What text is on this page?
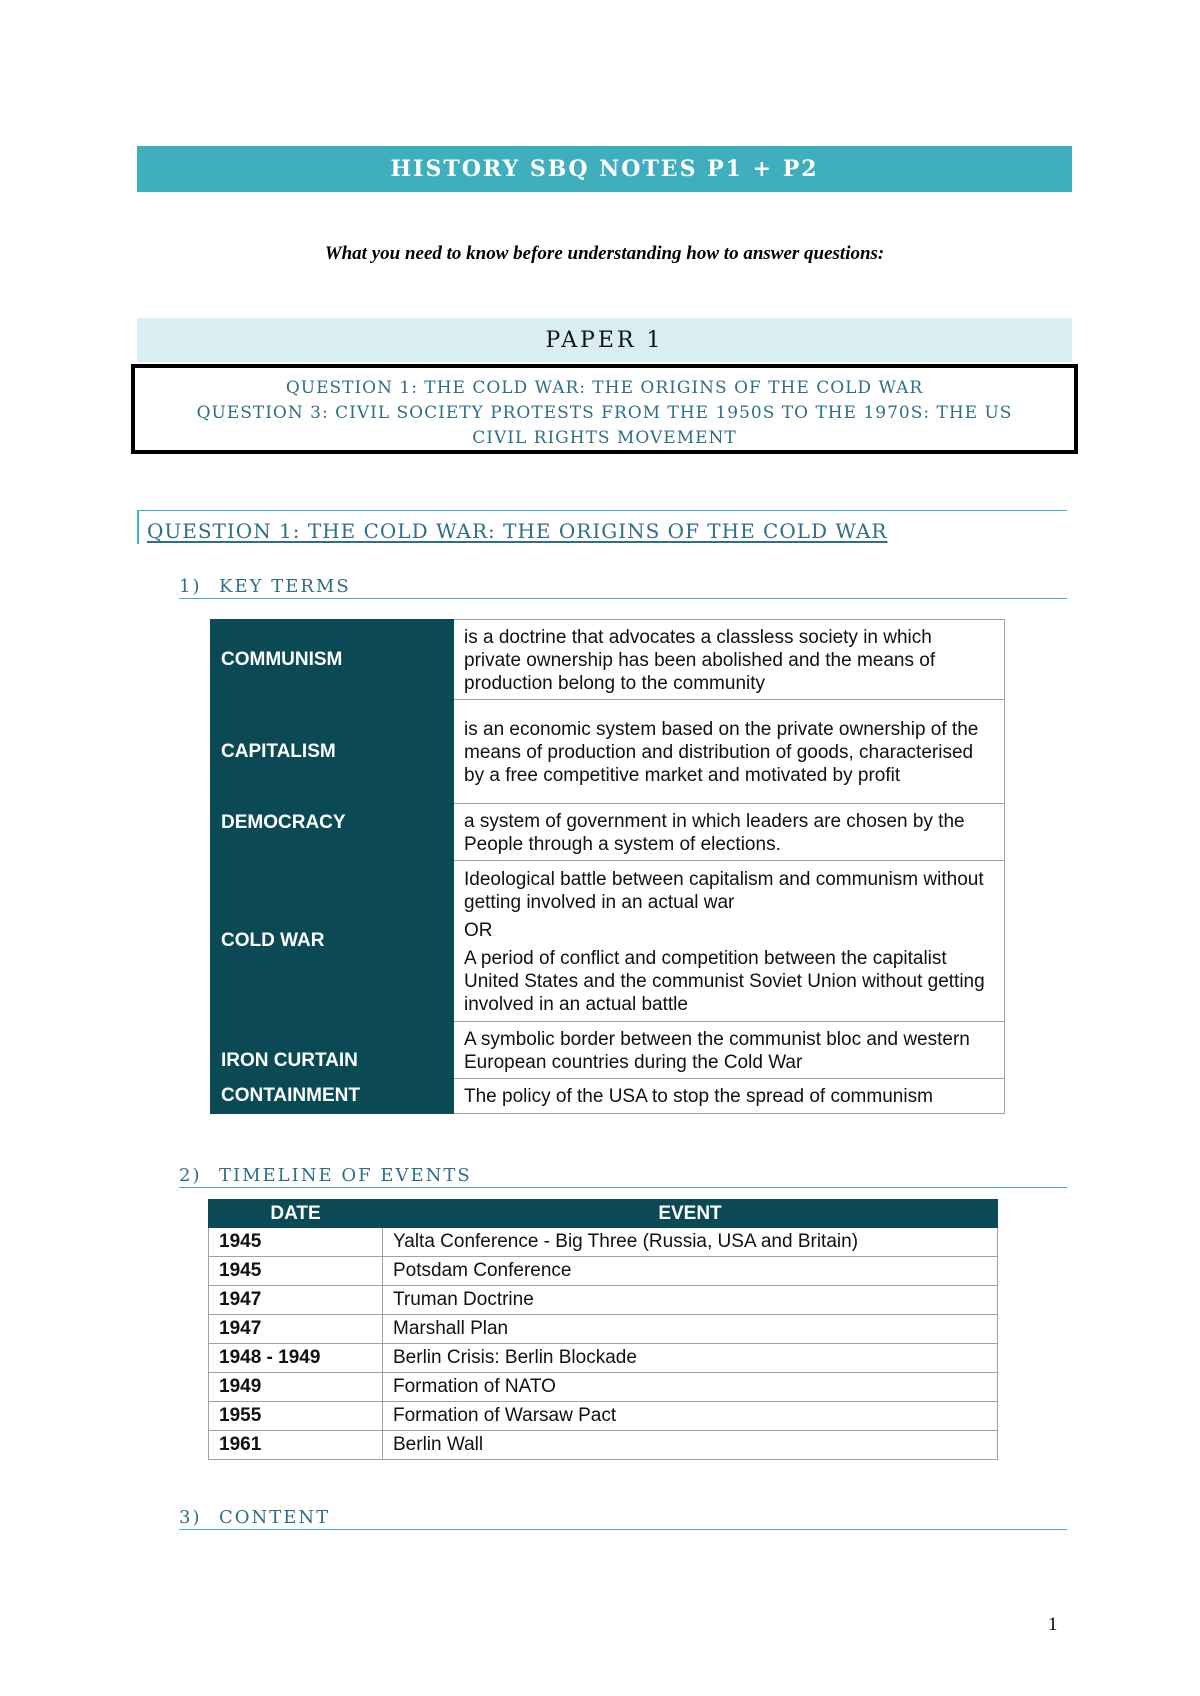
HISTORY SBQ NOTES P1 + P2
What you need to know before understanding how to answer questions:
PAPER 1
QUESTION 1: THE COLD WAR: THE ORIGINS OF THE COLD WAR
QUESTION 3: CIVIL SOCIETY PROTESTS FROM THE 1950S TO THE 1970S: THE US CIVIL RIGHTS MOVEMENT
QUESTION 1: THE COLD WAR: THE ORIGINS OF THE COLD WAR
1) KEY TERMS
COMMUNISM	is a doctrine that advocates a classless society in which private ownership has been abolished and the means of production belong to the community

CAPITALISM	is an economic system based on the private ownership of the means of production and distribution of goods, characterised by a free competitive market and motivated by profit

DEMOCRACY	a system of government in which leaders are chosen by the People through a system of elections.

COLD WAR	Ideological battle between capitalism and communism without getting involved in an actual war
OR
A period of conflict and competition between the capitalist United States and the communist Soviet Union without getting involved in an actual battle

IRON CURTAIN	A symbolic border between the communist bloc and western European countries during the Cold War

CONTAINMENT	The policy of the USA to stop the spread of communism
2) TIMELINE OF EVENTS
DATE	EVENT
1945	Yalta Conference - Big Three (Russia, USA and Britain)
1945	Potsdam Conference
1947	Truman Doctrine
1947	Marshall Plan
1948 - 1949	Berlin Crisis: Berlin Blockade
1949	Formation of NATO
1955	Formation of Warsaw Pact
1961	Berlin Wall
3) CONTENT
1
